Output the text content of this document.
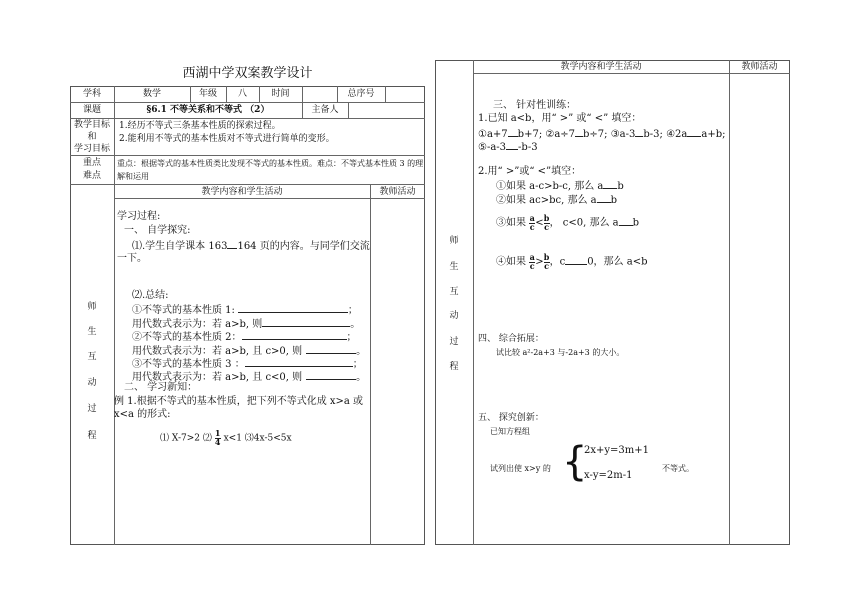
西湖中学双案教学设计
学科	数学	年级	八	时间	总序号
课题	§6.1 不等关系和不等式 （2）	主备人
教学目标
和
学习目标
1.经历不等式三条基本性质的探索过程。
2.能利用不等式的基本性质对不等式进行简单的变形。
重点
难点
重点：根据等式的基本性质类比发现不等式的基本性质。难点：不等式基本性质 3 的理
解和运用
教学内容和学生活动	教师活动
师
生
互
动
过
程
学习过程:
一、 自学探究:
⑴.学生自学课本 163 164 页的内容。与同学们交流
一下。
⑵.总结:
①不等式的基本性质 1:	；
用代数式表示为：若 a>b, 则	。
②不等式的基本性质 2：	；
用代数式表示为：若 a>b, 且 c>0, 则	。
③不等式的基本性质 3 ：	；
用代数式表示为：若 a>b, 且 c<0, 则	。
二、 学习新知：
例 1.根据不等式的基本性质，把下列不等式化成 x>a 或
x<a 的形式:
⑴ X-7>2 ⑵ $\frac{1}{4} x<1$ ⑶4x-5<5x
教学内容和学生活动	教师活动
师
生
互
动
过
程
三、 针对性训练：
1.已知 a<b，用“ >” 或“ <” 填空：
①a+7 b+7; ②a÷7 b÷7; ③a-3 b-3; ④2a a+b;
⑤-a-3 -b-3
2.用“ >”或“ <”填空：
①如果 a-c>b-c, 那么 a b
②如果 ac>bc, 那么 a b
③如果 $\frac{a}{c} < \frac{b}{c}$ ， c<0, 那么 a b
④如果 $\frac{a}{c} > \frac{b}{c}$ ，c 0，那么 a<b
四、 综合拓展：
试比较 a²-2a+3 与-2a+3 的大小。
五、 探究创新：
已知方程组
{
2x+y=3m+1
x-y=2m-1
试列出使 x>y 的	不等式。
